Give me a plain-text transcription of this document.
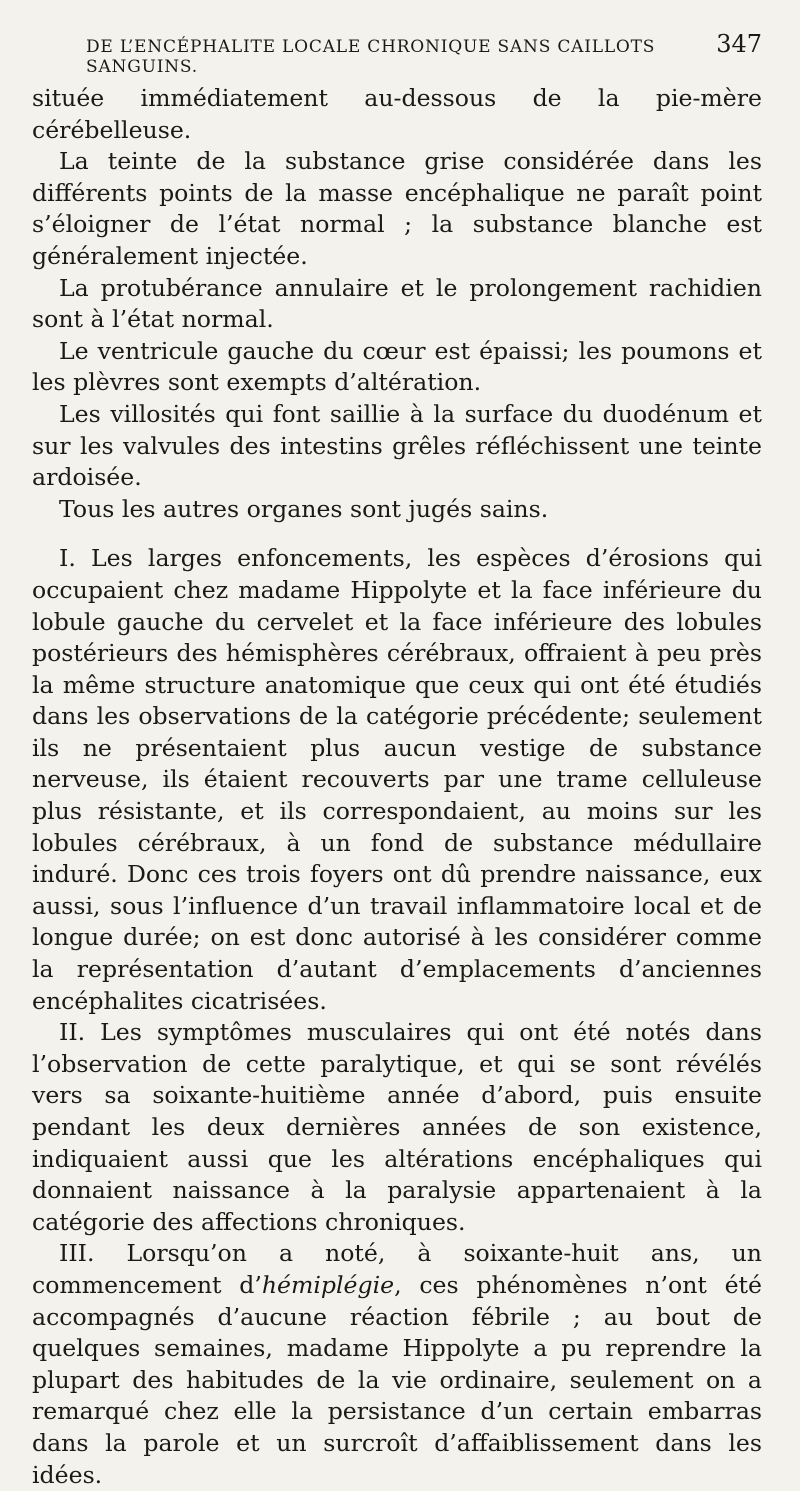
DE L’ENCÉPHALITE LOCALE CHRONIQUE SANS CAILLOTS SANGUINS.
347

située immédiatement au-dessous de la pie-mère cérébelleuse.

La teinte de la substance grise considérée dans les différents points de la masse encéphalique ne paraît point s’éloigner de l’état normal ; la substance blanche est généralement injectée.

La protubérance annulaire et le prolongement rachidien sont à l’état normal.

Le ventricule gauche du cœur est épaissi; les poumons et les plèvres sont exempts d’altération.

Les villosités qui font saillie à la surface du duodénum et sur les valvules des intestins grêles réfléchissent une teinte ardoisée.

Tous les autres organes sont jugés sains.

I. Les larges enfoncements, les espèces d’érosions qui occupaient chez madame Hippolyte et la face inférieure du lobule gauche du cervelet et la face inférieure des lobules postérieurs des hémisphères cérébraux, offraient à peu près la même structure anatomique que ceux qui ont été étudiés dans les observations de la catégorie précédente; seulement ils ne présentaient plus aucun vestige de substance nerveuse, ils étaient recouverts par une trame celluleuse plus résistante, et ils correspondaient, au moins sur les lobules cérébraux, à un fond de substance médullaire induré. Donc ces trois foyers ont dû prendre naissance, eux aussi, sous l’influence d’un travail inflammatoire local et de longue durée; on est donc autorisé à les considérer comme la représentation d’autant d’emplacements d’anciennes encéphalites cicatrisées.

II. Les symptômes musculaires qui ont été notés dans l’observation de cette paralytique, et qui se sont révélés vers sa soixante-huitième année d’abord, puis ensuite pendant les deux dernières années de son existence, indiquaient aussi que les altérations encéphaliques qui donnaient naissance à la paralysie appartenaient à la catégorie des affections chroniques.

III. Lorsqu’on a noté, à soixante-huit ans, un commencement d’hémiplégie, ces phénomènes n’ont été accompagnés d’aucune réaction fébrile ; au bout de quelques semaines, madame Hippolyte a pu reprendre la plupart des habitudes de la vie ordinaire, seulement on a remarqué chez elle la persistance d’un certain embarras dans la parole et un surcroît d’affaiblissement dans les idées.
